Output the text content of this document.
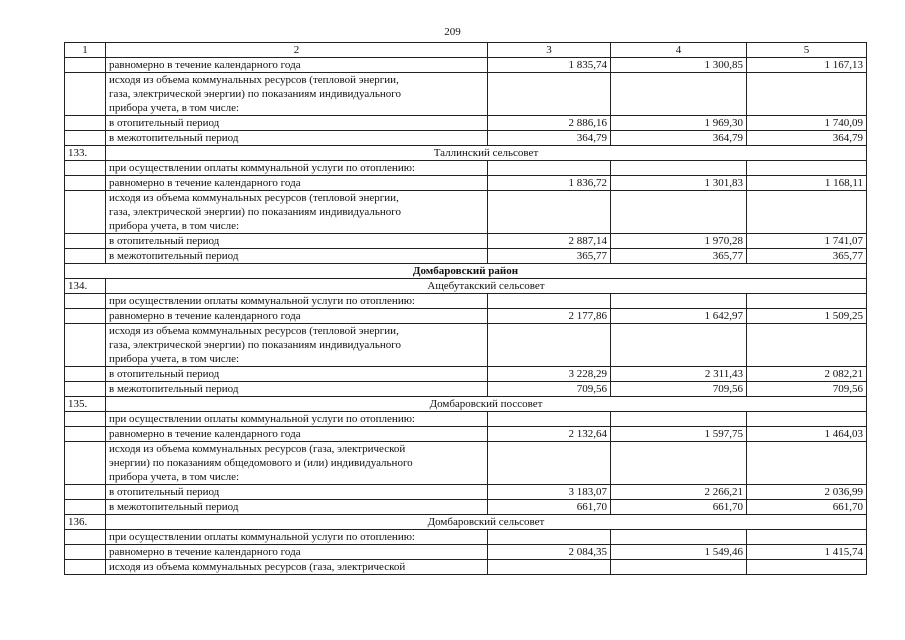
209
1	2	3	4	5
	равномерно в течение календарного года	1 835,74	1 300,85	1 167,13
	исходя из объема коммунальных ресурсов (тепловой энергии,
газа, электрической энергии) по показаниям индивидуального
прибора учета, в том числе:			
	в отопительный период	2 886,16	1 969,30	1 740,09
	в межотопительный период	364,79	364,79	364,79
133.	Таллинский сельсовет			
	при осуществлении оплаты коммунальной услуги по отоплению:			
	равномерно в течение календарного года	1 836,72	1 301,83	1 168,11
	исходя из объема коммунальных ресурсов (тепловой энергии,
газа, электрической энергии) по показаниям индивидуального
прибора учета, в том числе:			
	в отопительный период	2 887,14	1 970,28	1 741,07
	в межотопительный период	365,77	365,77	365,77
Домбаровский район				
134.	Ащебутакский сельсовет			
	при осуществлении оплаты коммунальной услуги по отоплению:			
	равномерно в течение календарного года	2 177,86	1 642,97	1 509,25
	исходя из объема коммунальных ресурсов (тепловой энергии,
газа, электрической энергии) по показаниям индивидуального
прибора учета, в том числе:			
	в отопительный период	3 228,29	2 311,43	2 082,21
	в межотопительный период	709,56	709,56	709,56
135.	Домбаровский поссовет			
	при осуществлении оплаты коммунальной услуги по отоплению:			
	равномерно в течение календарного года	2 132,64	1 597,75	1 464,03
	исходя из объема коммунальных ресурсов (газа, электрической
энергии) по показаниям общедомового и (или) индивидуального
прибора учета, в том числе:			
	в отопительный период	3 183,07	2 266,21	2 036,99
	в межотопительный период	661,70	661,70	661,70
136.	Домбаровский сельсовет			
	при осуществлении оплаты коммунальной услуги по отоплению:			
	равномерно в течение календарного года	2 084,35	1 549,46	1 415,74
	исходя из объема коммунальных ресурсов (газа, электрической			
